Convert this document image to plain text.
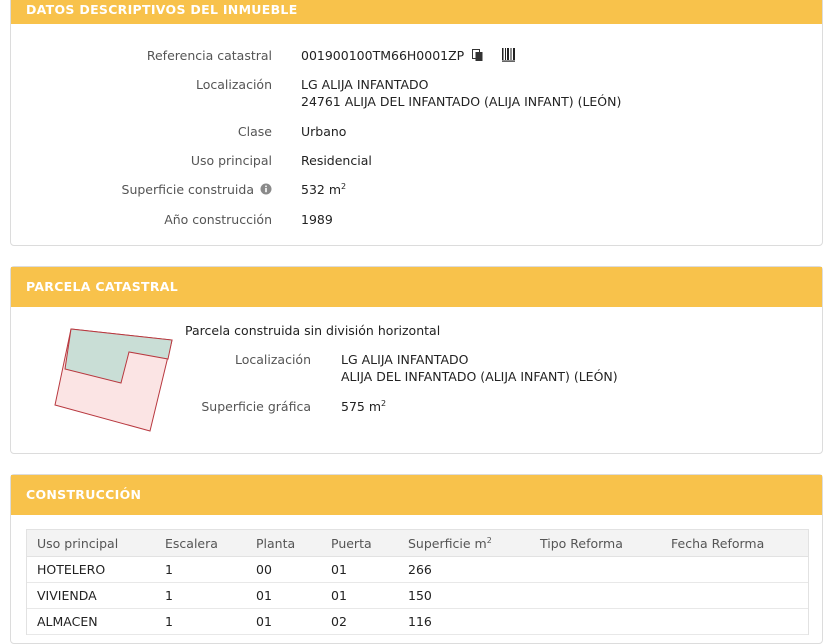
DATOS DESCRIPTIVOS DEL INMUEBLE
Referencia catastral 001900100TM66H0001ZP
Localización LG ALIJA INFANTADO
24761 ALIJA DEL INFANTADO (ALIJA INFANT) (LEÓN)
Clase Urbano
Uso principal Residencial
Superficie construida	532 $m^2$
Año construcción 1989
PARCELA CATASTRAL
Parcela construida sin división horizontal
Localización LG ALIJA INFANTADO
ALIJA DEL INFANTADO (ALIJA INFANT) (LEÓN)
Superficie gráfica 575 $m^2$
CONSTRUCCIÓN
Uso principal	Escalera	Planta	Puerta	Superficie $m^2$	Tipo Reforma	Fecha Reforma
HOTELERO	1	00	01	266		
VIVIENDA	1	01	01	150		
ALMACEN	1	01	02	116		
